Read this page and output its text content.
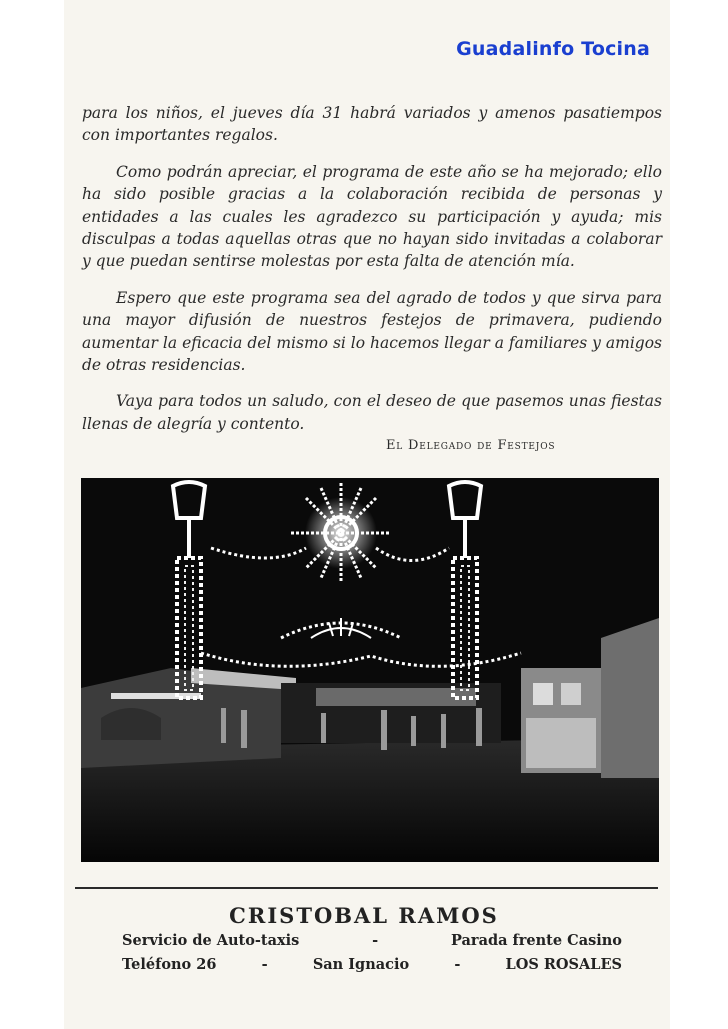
Guadalinfo Tocina

para los niños, el jueves día 31 habrá variados y amenos pasatiempos con importantes regalos.

Como podrán apreciar, el programa de este año se ha mejorado; ello ha sido posible gracias a la colaboración recibida de personas y entidades a las cuales les agradezco su participación y ayuda; mis disculpas a todas aquellas otras que no hayan sido invitadas a colaborar y que puedan sentirse molestas por esta falta de atención mía.

Espero que este programa sea del agrado de todos y que sirva para una mayor difusión de nuestros festejos de primavera, pudiendo aumentar la eficacia del mismo si lo hacemos llegar a familiares y amigos de otras residencias.

Vaya para todos un saludo, con el deseo de que pasemos unas fiestas llenas de alegría y contento.

El Delegado de Festejos
CRISTOBAL RAMOS
Servicio de Auto-taxis	-	Parada frente Casino
Teléfono 26	-	San Ignacio	-	LOS ROSALES
